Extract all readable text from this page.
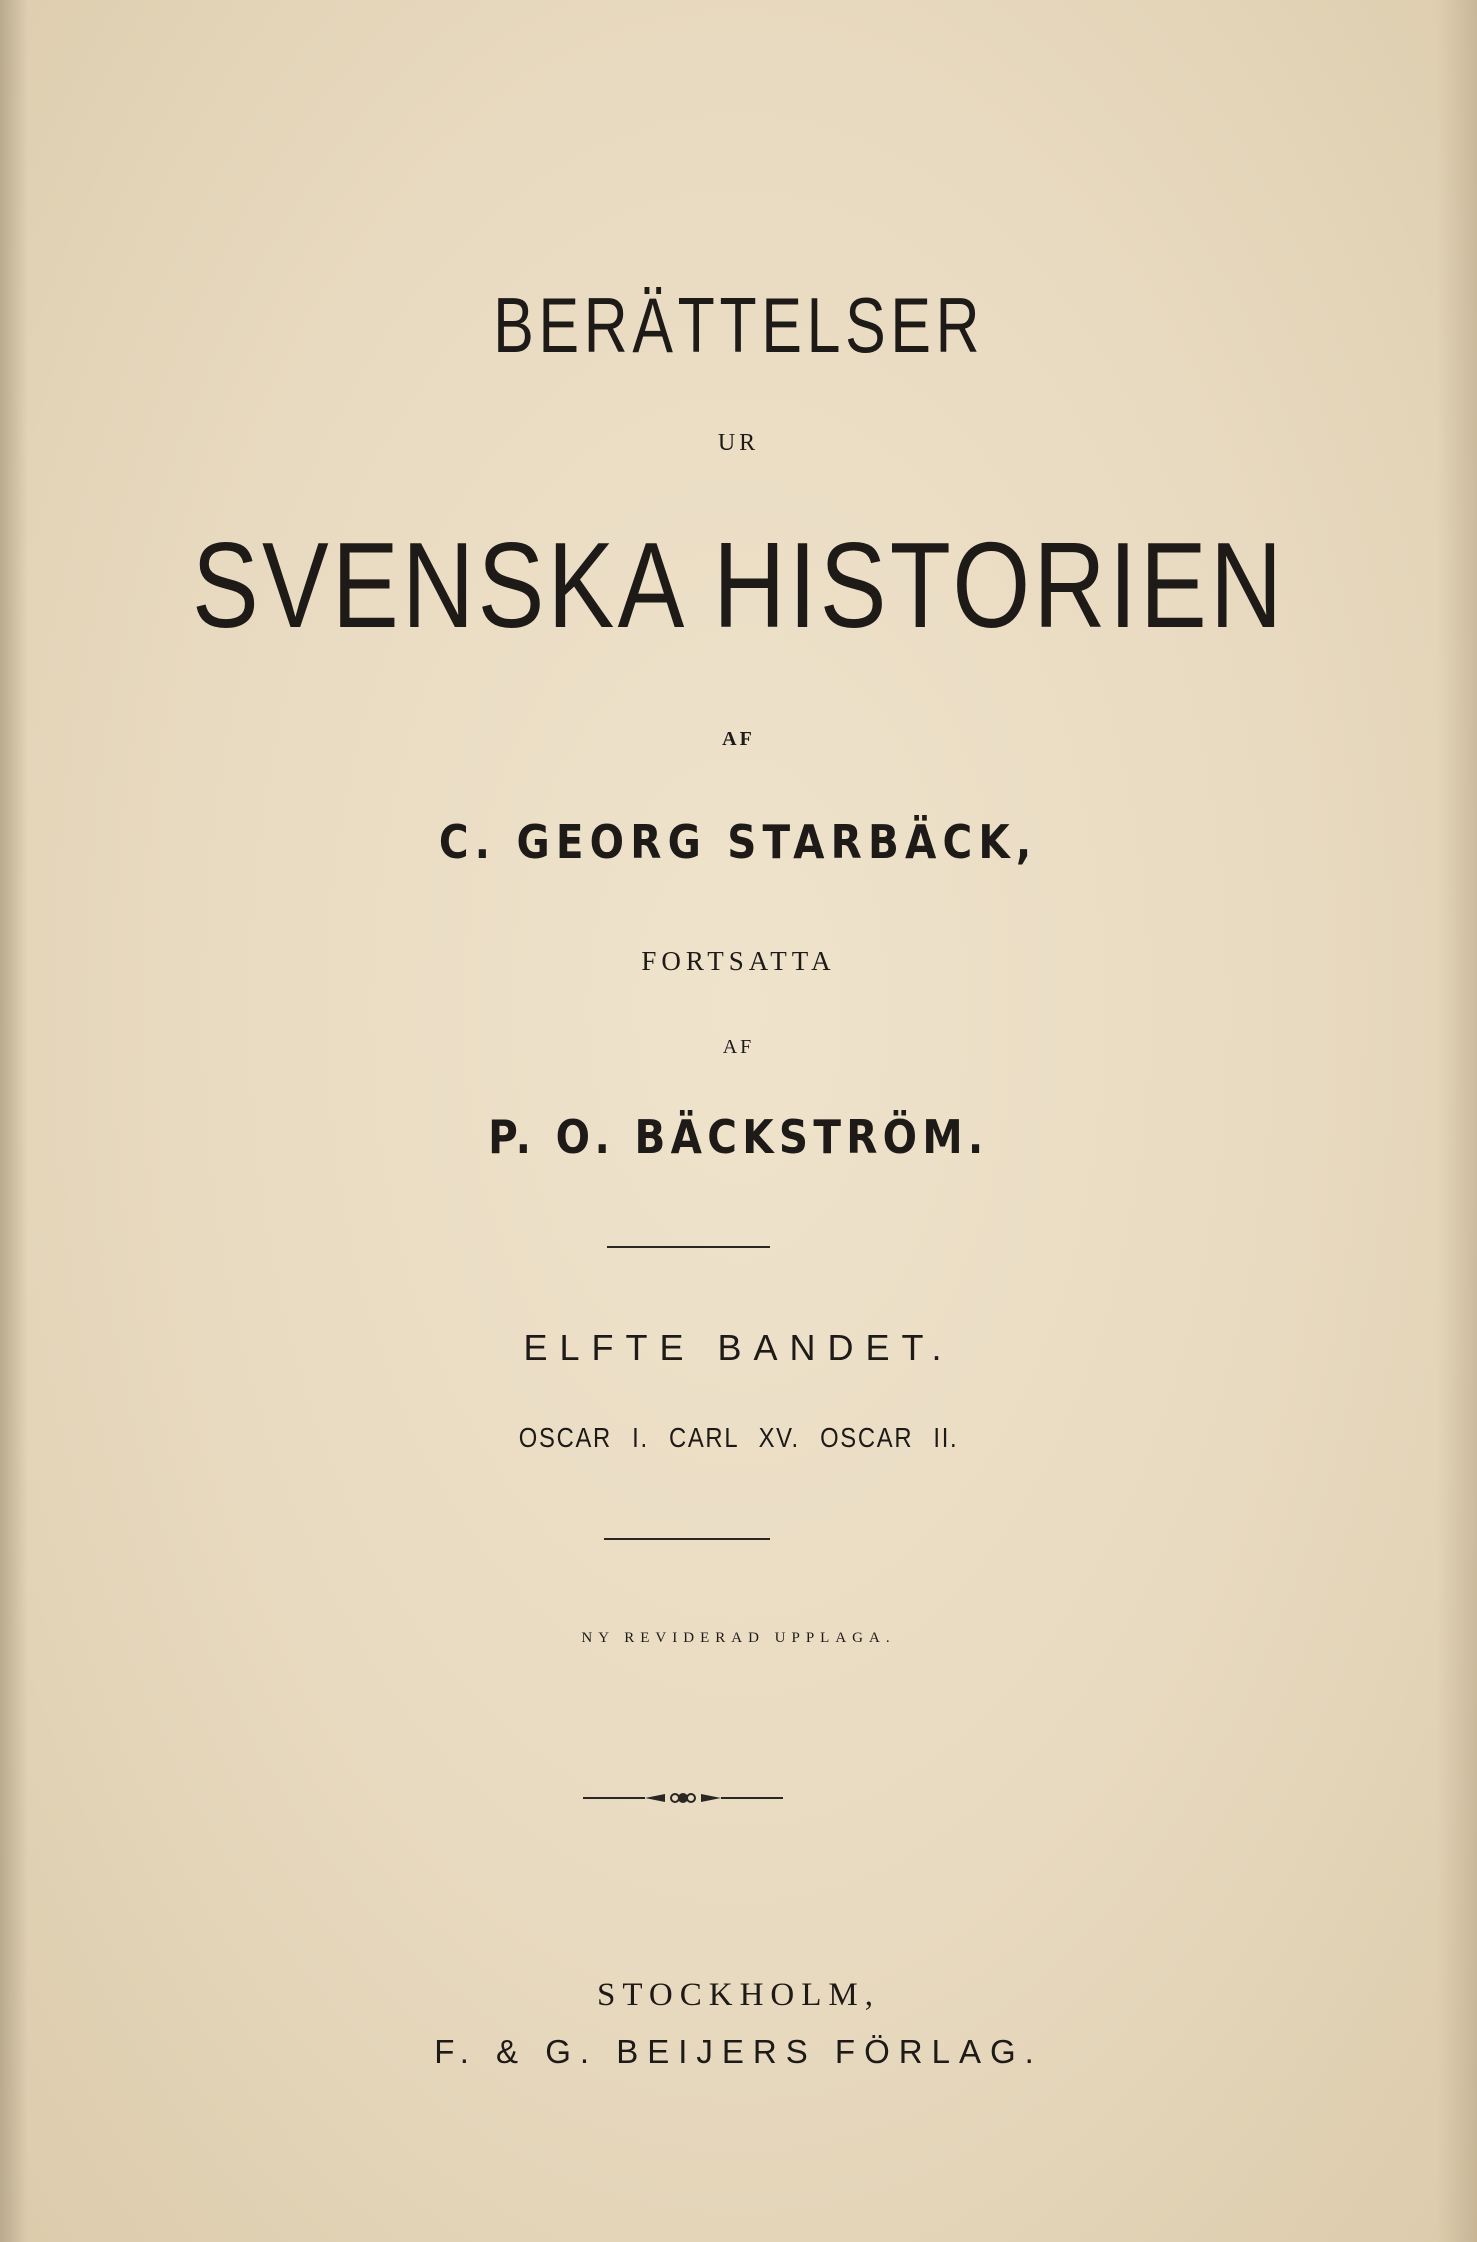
BERÄTTELSER
UR
SVENSKA HISTORIEN
AF
C. GEORG STARBÄCK,
FORTSATTA
AF
P. O. BÄCKSTRÖM.
ELFTE BANDET.
OSCAR I. CARL XV. OSCAR II.
NY REVIDERAD UPPLAGA.
STOCKHOLM,
F. & G. BEIJERS FÖRLAG.
